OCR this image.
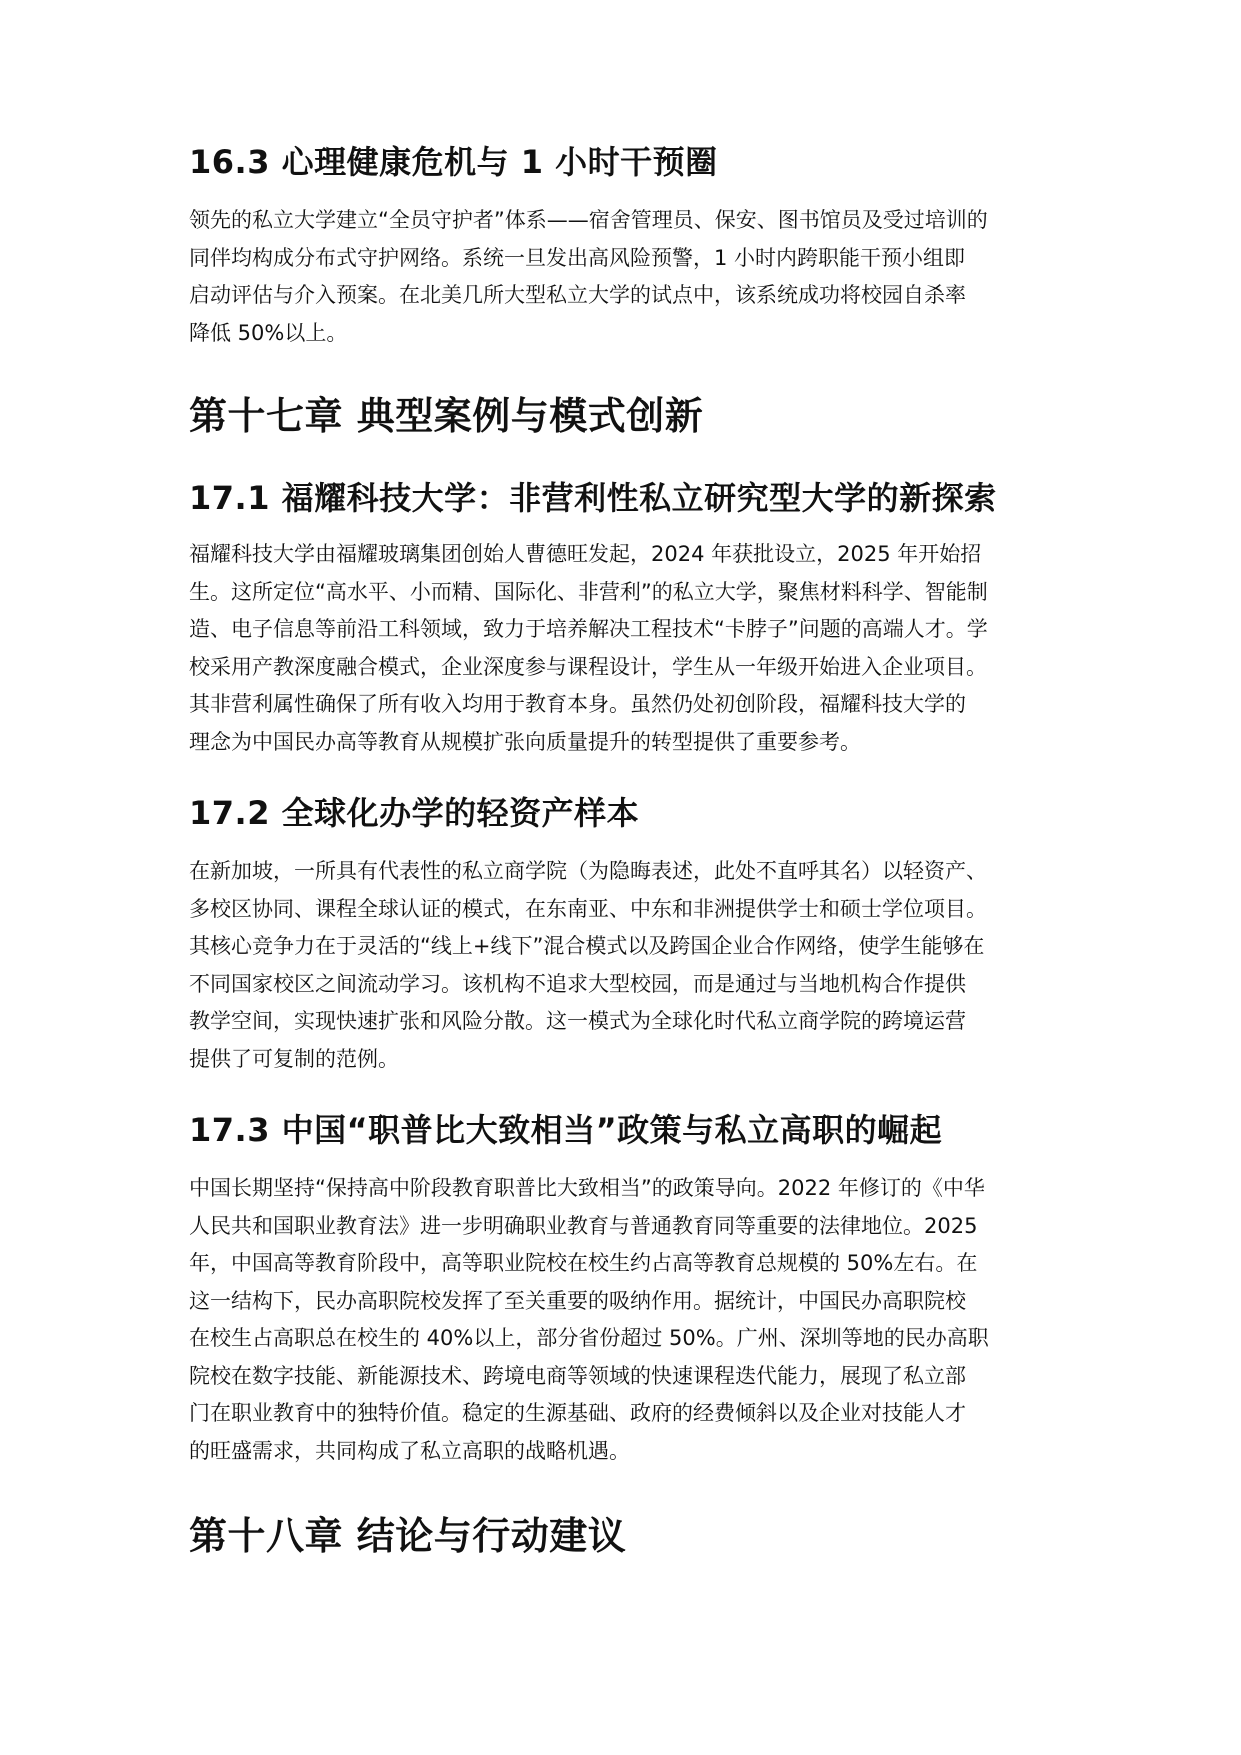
16.3 心理健康危机与 1 小时干预圈
领先的私立大学建立“全员守护者”体系——宿舍管理员、保安、图书馆员及受过培训的
同伴均构成分布式守护网络。系统一旦发出高风险预警，1 小时内跨职能干预小组即
启动评估与介入预案。在北美几所大型私立大学的试点中，该系统成功将校园自杀率
降低 50%以上。
第十七章 典型案例与模式创新
17.1 福耀科技大学：非营利性私立研究型大学的新探索
福耀科技大学由福耀玻璃集团创始人曹德旺发起，2024 年获批设立，2025 年开始招
生。这所定位“高水平、小而精、国际化、非营利”的私立大学，聚焦材料科学、智能制
造、电子信息等前沿工科领域，致力于培养解决工程技术“卡脖子”问题的高端人才。学
校采用产教深度融合模式，企业深度参与课程设计，学生从一年级开始进入企业项目。
其非营利属性确保了所有收入均用于教育本身。虽然仍处初创阶段，福耀科技大学的
理念为中国民办高等教育从规模扩张向质量提升的转型提供了重要参考。
17.2 全球化办学的轻资产样本
在新加坡，一所具有代表性的私立商学院（为隐晦表述，此处不直呼其名）以轻资产、
多校区协同、课程全球认证的模式，在东南亚、中东和非洲提供学士和硕士学位项目。
其核心竞争力在于灵活的“线上+线下”混合模式以及跨国企业合作网络，使学生能够在
不同国家校区之间流动学习。该机构不追求大型校园，而是通过与当地机构合作提供
教学空间，实现快速扩张和风险分散。这一模式为全球化时代私立商学院的跨境运营
提供了可复制的范例。
17.3 中国“职普比大致相当”政策与私立高职的崛起
中国长期坚持“保持高中阶段教育职普比大致相当”的政策导向。2022 年修订的《中华
人民共和国职业教育法》进一步明确职业教育与普通教育同等重要的法律地位。2025
年，中国高等教育阶段中，高等职业院校在校生约占高等教育总规模的 50%左右。在
这一结构下，民办高职院校发挥了至关重要的吸纳作用。据统计，中国民办高职院校
在校生占高职总在校生的 40%以上，部分省份超过 50%。广州、深圳等地的民办高职
院校在数字技能、新能源技术、跨境电商等领域的快速课程迭代能力，展现了私立部
门在职业教育中的独特价值。稳定的生源基础、政府的经费倾斜以及企业对技能人才
的旺盛需求，共同构成了私立高职的战略机遇。
第十八章 结论与行动建议
